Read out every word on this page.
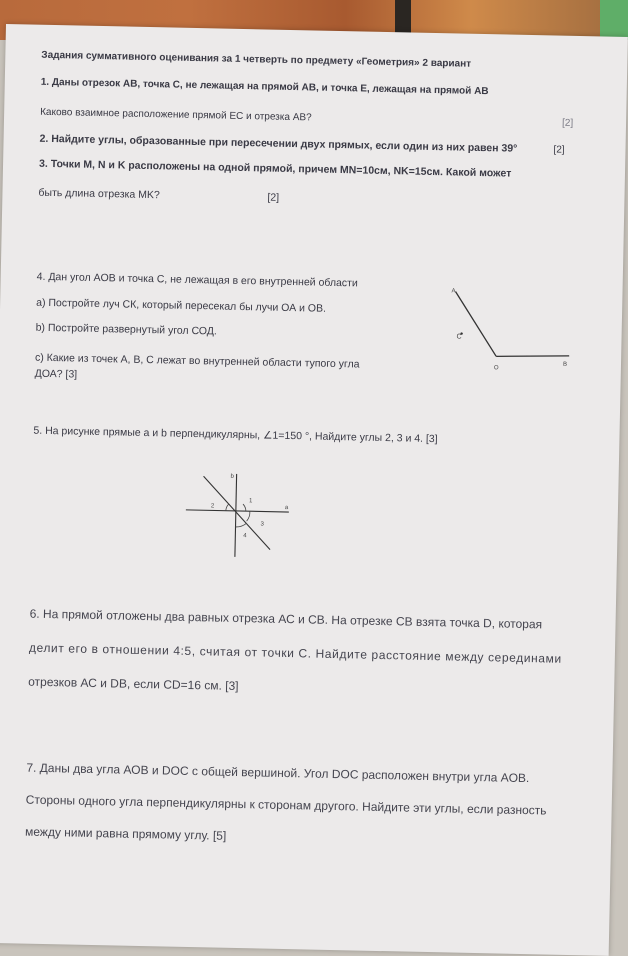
Задания суммативного оценивания за 1 четверть по предмету «Геометрия» 2 вариант

1. Даны отрезок АВ, точка С, не лежащая на прямой АВ, и точка Е, лежащая на прямой АВ

Каково взаимное расположение прямой ЕС и отрезка АВ?	[2]

2. Найдите углы, образованные при пересечении двух прямых, если один из них равен 39°	[2]

3. Точки M, N и K расположены на одной прямой, причем MN=10см, NK=15см. Какой может

быть длина отрезка MK?	[2]

4. Дан угол AOB и точка С, не лежащая в его внутренней области

a) Постройте луч СК, который пересекал бы лучи ОА и ОВ.

b) Постройте развернутый угол СОД.

c) Какие из точек A, B, C лежат во внутренней области тупого угла

ДОА? [3]

A
C
O
B

5. На рисунке прямые a и b перпендикулярны, ∠1=150 °, Найдите углы 2, 3 и 4. [3]

b
a
1
2
3
4

6. На прямой отложены два равных отрезка АС и СВ. На отрезке СВ взята точка D, которая

делит его в отношении 4:5, считая от точки С. Найдите расстояние между серединами

отрезков АС и DB, если CD=16 см. [3]

7. Даны два угла АОВ и DOC с общей вершиной. Угол DOC расположен внутри угла AOB.

Стороны одного угла перпендикулярны к сторонам другого. Найдите эти углы, если разность

между ними равна прямому углу. [5]
